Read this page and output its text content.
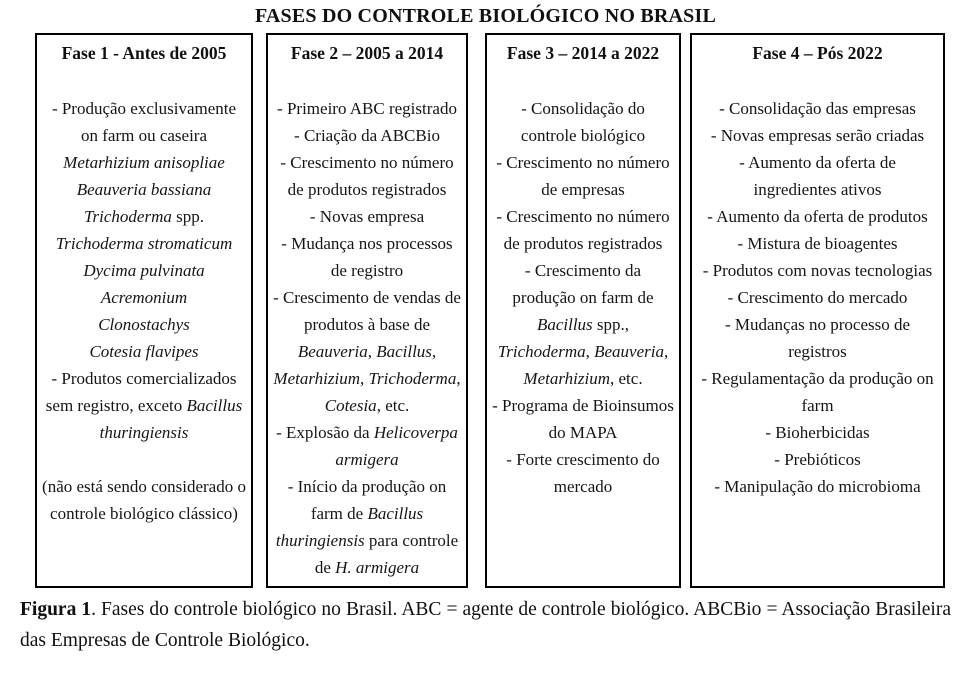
FASES DO CONTROLE BIOLÓGICO NO BRASIL
Fase 1 - Antes de 2005
- Produção exclusivamente on farm ou caseira
Metarhizium anisopliae
Beauveria bassiana
Trichoderma spp.
Trichoderma stromaticum
Dycima pulvinata
Acremonium
Clonostachys
Cotesia flavipes
- Produtos comercializados sem registro, exceto Bacillus thuringiensis
(não está sendo considerado o controle biológico clássico)
Fase 2 – 2005 a 2014
- Primeiro ABC registrado
- Criação da ABCBio
- Crescimento no número de produtos registrados
- Novas empresa
- Mudança nos processos de registro
- Crescimento de vendas de produtos à base de Beauveria, Bacillus, Metarhizium, Trichoderma, Cotesia, etc.
- Explosão da Helicoverpa armigera
- Início da produção on farm de Bacillus thuringiensis para controle de H. armigera
Fase 3 – 2014 a 2022
- Consolidação do controle biológico
- Crescimento no número de empresas
- Crescimento no número de produtos registrados
- Crescimento da produção on farm de Bacillus spp., Trichoderma, Beauveria, Metarhizium, etc.
- Programa de Bioinsumos do MAPA
- Forte crescimento do mercado
Fase 4 – Pós 2022
- Consolidação das empresas
- Novas empresas serão criadas
- Aumento da oferta de ingredientes ativos
- Aumento da oferta de produtos
- Mistura de bioagentes
- Produtos com novas tecnologias
- Crescimento do mercado
- Mudanças no processo de registros
- Regulamentação da produção on farm
- Bioherbicidas
- Prebióticos
- Manipulação do microbioma

Figura 1. Fases do controle biológico no Brasil. ABC = agente de controle biológico. ABCBio = Associação Brasileira das Empresas de Controle Biológico.
